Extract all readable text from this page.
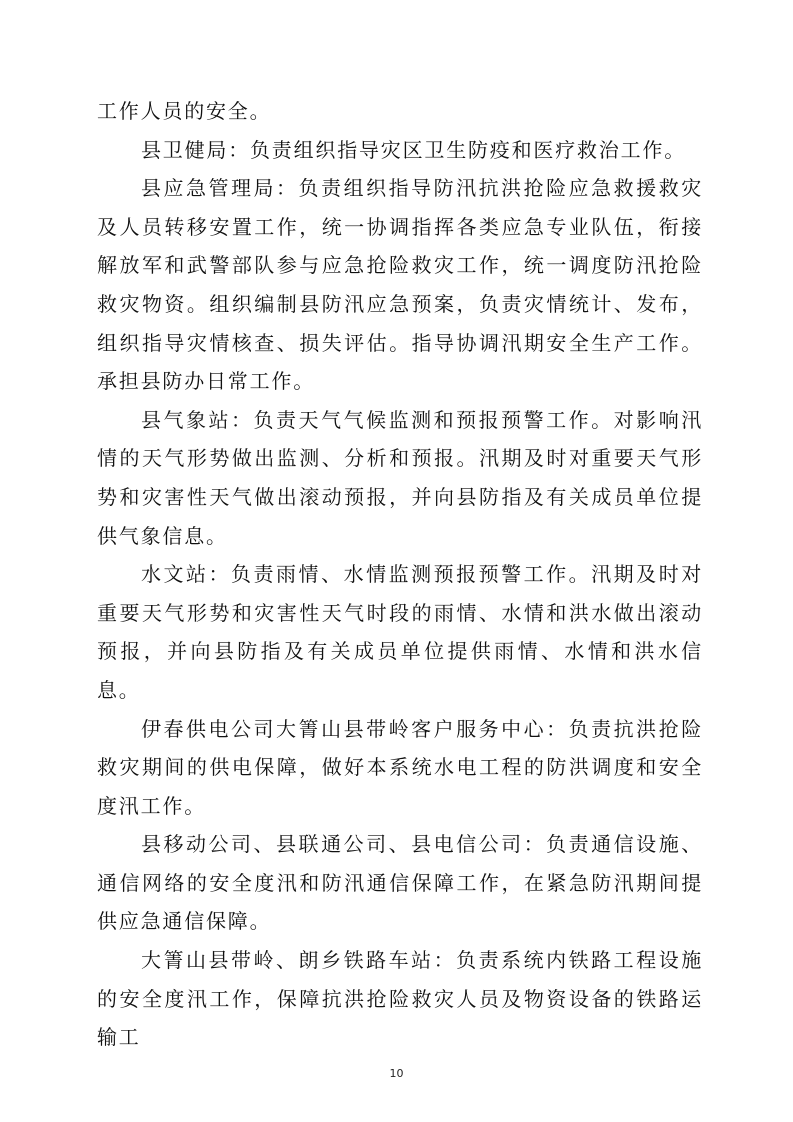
工作人员的安全。

县卫健局：负责组织指导灾区卫生防疫和医疗救治工作。

县应急管理局：负责组织指导防汛抗洪抢险应急救援救灾及人员转移安置工作，统一协调指挥各类应急专业队伍，衔接解放军和武警部队参与应急抢险救灾工作，统一调度防汛抢险救灾物资。组织编制县防汛应急预案，负责灾情统计、发布，组织指导灾情核查、损失评估。指导协调汛期安全生产工作。承担县防办日常工作。

县气象站：负责天气气候监测和预报预警工作。对影响汛情的天气形势做出监测、分析和预报。汛期及时对重要天气形势和灾害性天气做出滚动预报，并向县防指及有关成员单位提供气象信息。

水文站：负责雨情、水情监测预报预警工作。汛期及时对重要天气形势和灾害性天气时段的雨情、水情和洪水做出滚动预报，并向县防指及有关成员单位提供雨情、水情和洪水信息。

伊春供电公司大箐山县带岭客户服务中心：负责抗洪抢险救灾期间的供电保障，做好本系统水电工程的防洪调度和安全度汛工作。

县移动公司、县联通公司、县电信公司：负责通信设施、通信网络的安全度汛和防汛通信保障工作，在紧急防汛期间提供应急通信保障。

大箐山县带岭、朗乡铁路车站：负责系统内铁路工程设施的安全度汛工作，保障抗洪抢险救灾人员及物资设备的铁路运输工

10
